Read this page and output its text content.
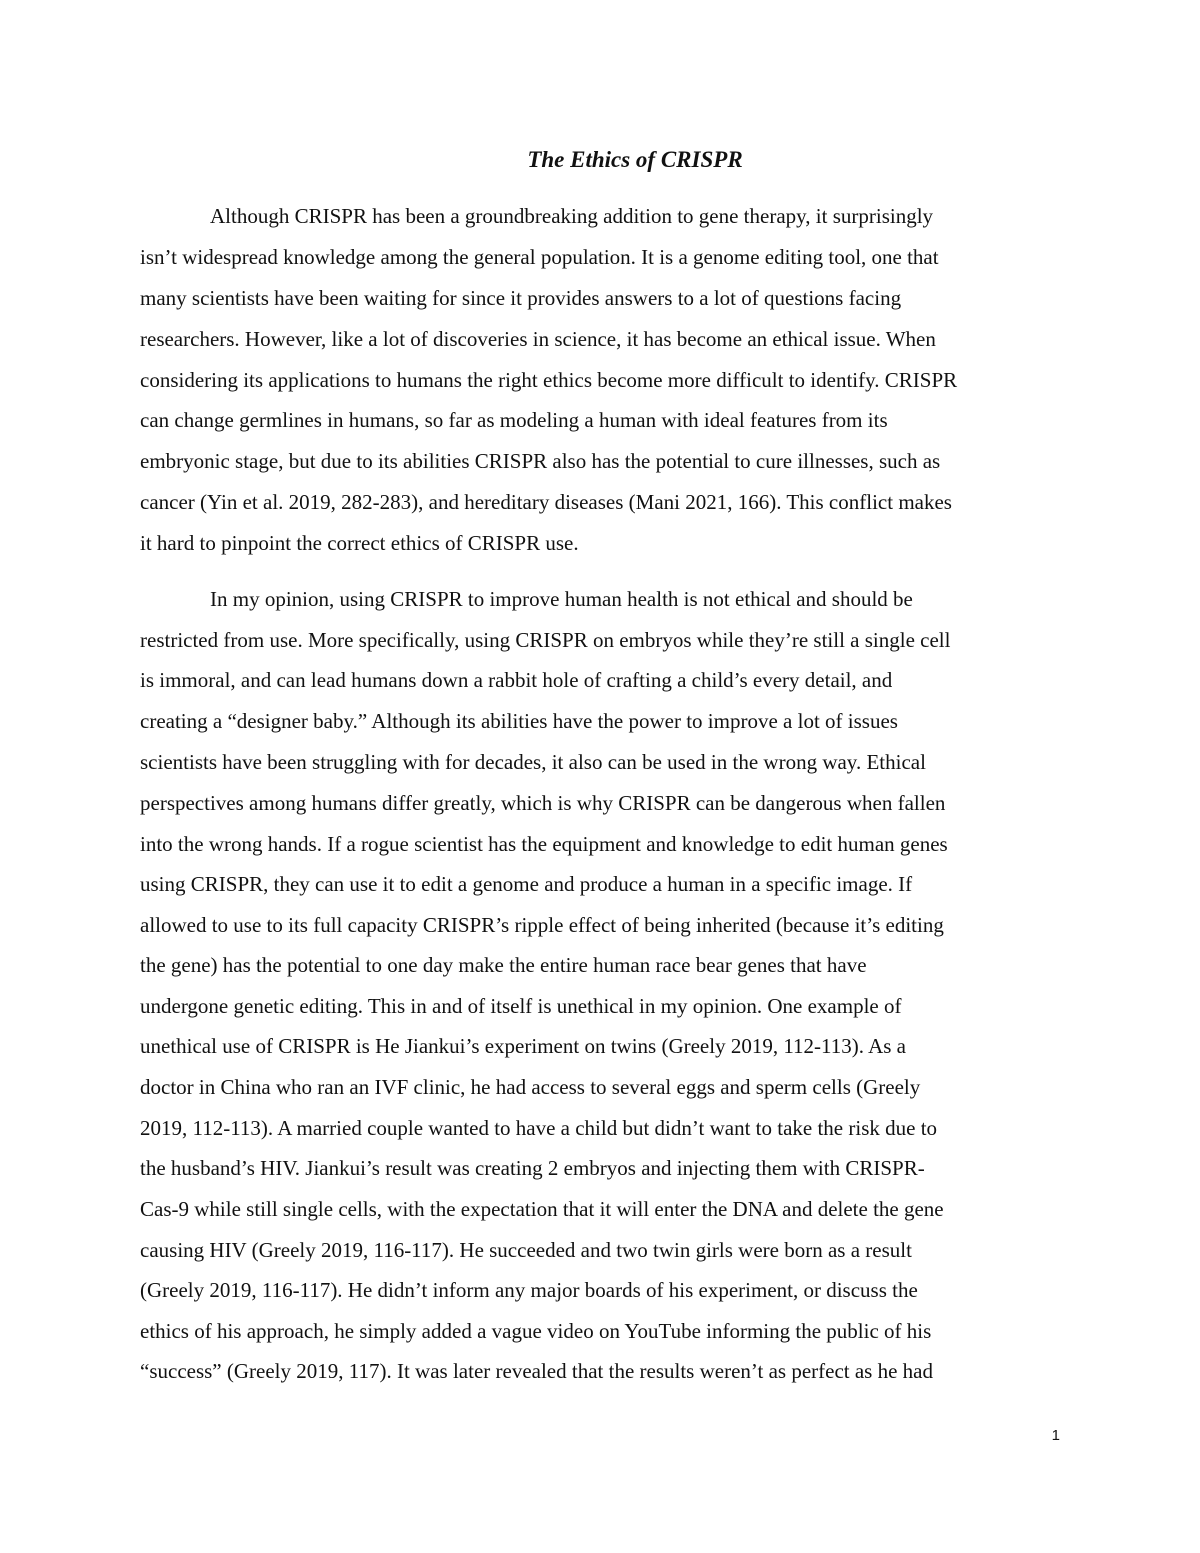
The Ethics of CRISPR

Although CRISPR has been a groundbreaking addition to gene therapy, it surprisingly

isn’t widespread knowledge among the general population. It is a genome editing tool, one that

many scientists have been waiting for since it provides answers to a lot of questions facing

researchers. However, like a lot of discoveries in science, it has become an ethical issue. When

considering its applications to humans the right ethics become more difficult to identify. CRISPR

can change germlines in humans, so far as modeling a human with ideal features from its

embryonic stage, but due to its abilities CRISPR also has the potential to cure illnesses, such as

cancer (Yin et al. 2019, 282-283), and hereditary diseases (Mani 2021, 166). This conflict makes

it hard to pinpoint the correct ethics of CRISPR use.

In my opinion, using CRISPR to improve human health is not ethical and should be

restricted from use. More specifically, using CRISPR on embryos while they’re still a single cell

is immoral, and can lead humans down a rabbit hole of crafting a child’s every detail, and

creating a “designer baby.” Although its abilities have the power to improve a lot of issues

scientists have been struggling with for decades, it also can be used in the wrong way. Ethical

perspectives among humans differ greatly, which is why CRISPR can be dangerous when fallen

into the wrong hands. If a rogue scientist has the equipment and knowledge to edit human genes

using CRISPR, they can use it to edit a genome and produce a human in a specific image. If

allowed to use to its full capacity CRISPR’s ripple effect of being inherited (because it’s editing

the gene) has the potential to one day make the entire human race bear genes that have

undergone genetic editing. This in and of itself is unethical in my opinion. One example of

unethical use of CRISPR is He Jiankui’s experiment on twins (Greely 2019, 112-113). As a

doctor in China who ran an IVF clinic, he had access to several eggs and sperm cells (Greely

2019, 112-113). A married couple wanted to have a child but didn’t want to take the risk due to

the husband’s HIV. Jiankui’s result was creating 2 embryos and injecting them with CRISPR-

Cas-9 while still single cells, with the expectation that it will enter the DNA and delete the gene

causing HIV (Greely 2019, 116-117). He succeeded and two twin girls were born as a result

(Greely 2019, 116-117). He didn’t inform any major boards of his experiment, or discuss the

ethics of his approach, he simply added a vague video on YouTube informing the public of his

“success” (Greely 2019, 117). It was later revealed that the results weren’t as perfect as he had

1
